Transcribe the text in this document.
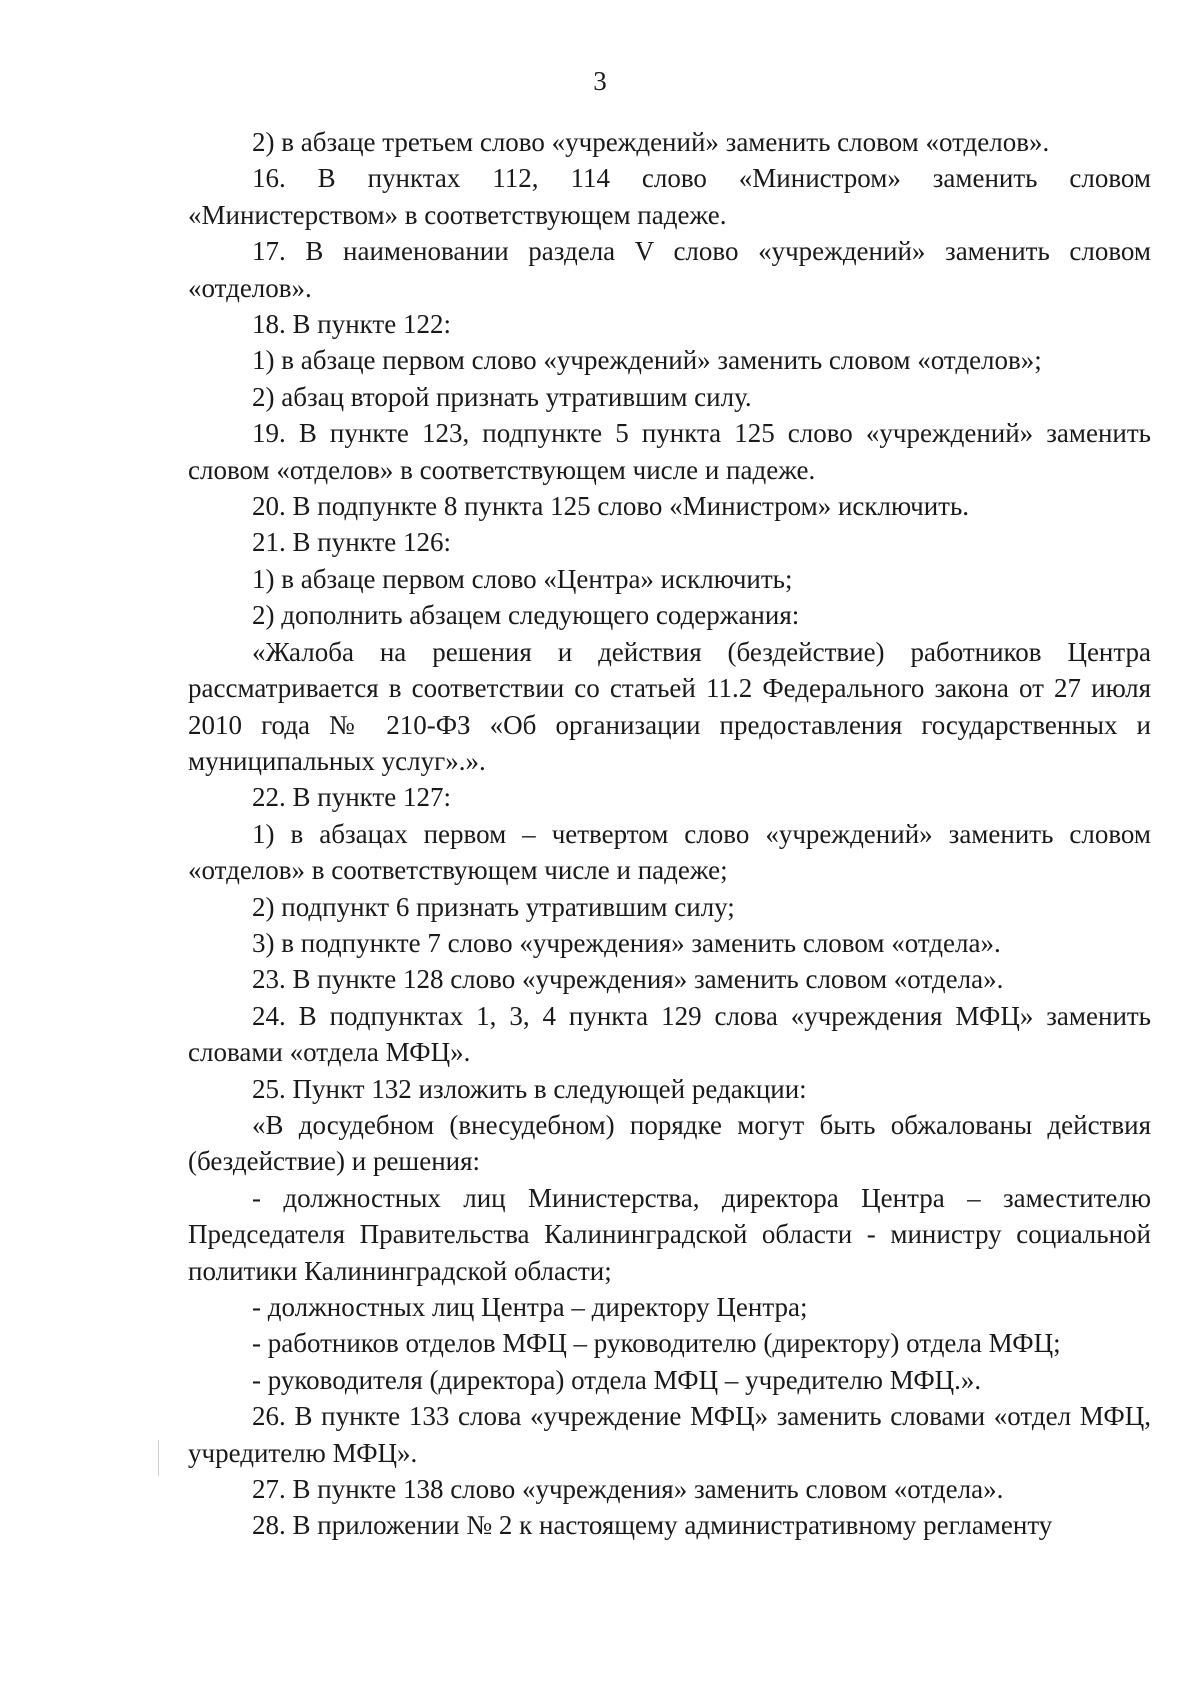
3

2) в абзаце третьем слово «учреждений» заменить словом «отделов».

16. В пунктах 112, 114 слово «Министром» заменить словом «Министерством» в соответствующем падеже.

17. В наименовании раздела V слово «учреждений» заменить словом «отделов».

18. В пункте 122:

1) в абзаце первом слово «учреждений» заменить словом «отделов»;

2) абзац второй признать утратившим силу.

19. В пункте 123, подпункте 5 пункта 125 слово «учреждений» заменить словом «отделов» в соответствующем числе и падеже.

20. В подпункте 8 пункта 125 слово «Министром» исключить.

21. В пункте 126:

1) в абзаце первом слово «Центра» исключить;

2) дополнить абзацем следующего содержания:

«Жалоба на решения и действия (бездействие) работников Центра рассматривается в соответствии со статьей 11.2 Федерального закона от 27 июля 2010 года № 210-ФЗ «Об организации предоставления государственных и муниципальных услуг».».

22. В пункте 127:

1) в абзацах первом – четвертом слово «учреждений» заменить словом «отделов» в соответствующем числе и падеже;

2) подпункт 6 признать утратившим силу;

3) в подпункте 7 слово «учреждения» заменить словом «отдела».

23. В пункте 128 слово «учреждения» заменить словом «отдела».

24. В подпунктах 1, 3, 4 пункта 129 слова «учреждения МФЦ» заменить словами «отдела МФЦ».

25. Пункт 132 изложить в следующей редакции:

«В досудебном (внесудебном) порядке могут быть обжалованы действия (бездействие) и решения:

- должностных лиц Министерства, директора Центра – заместителю Председателя Правительства Калининградской области - министру социальной политики Калининградской области;

- должностных лиц Центра – директору Центра;

- работников отделов МФЦ – руководителю (директору) отдела МФЦ;

- руководителя (директора) отдела МФЦ – учредителю МФЦ.».

26. В пункте 133 слова «учреждение МФЦ» заменить словами «отдел МФЦ, учредителю МФЦ».

27. В пункте 138 слово «учреждения» заменить словом «отдела».

28. В приложении № 2 к настоящему административному регламенту
